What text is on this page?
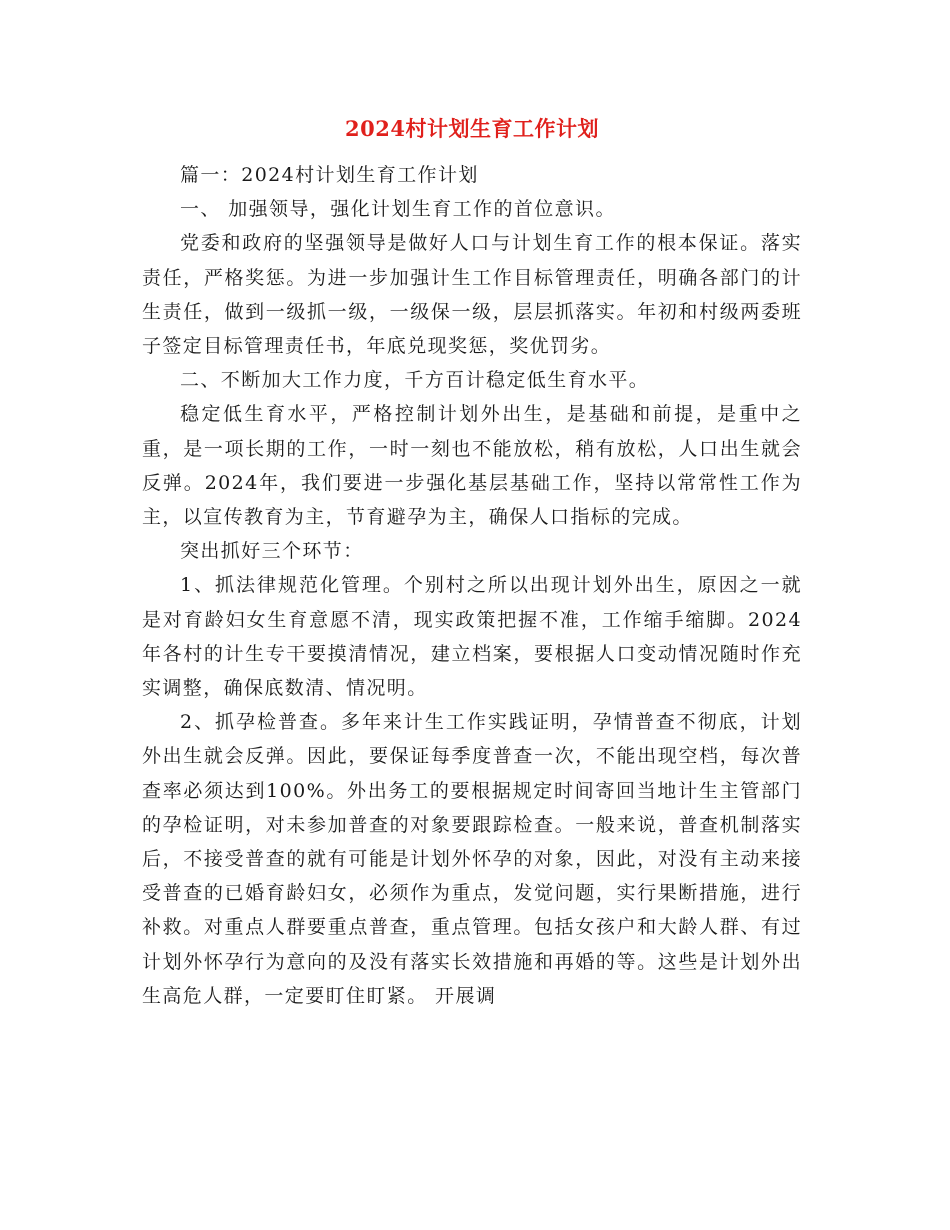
2024村计划生育工作计划

篇一：2024村计划生育工作计划

一、 加强领导，强化计划生育工作的首位意识。

党委和政府的坚强领导是做好人口与计划生育工作的根本保证。落实责任，严格奖惩。为进一步加强计生工作目标管理责任，明确各部门的计生责任，做到一级抓一级，一级保一级，层层抓落实。年初和村级两委班子签定目标管理责任书，年底兑现奖惩，奖优罚劣。

二、不断加大工作力度，千方百计稳定低生育水平。

稳定低生育水平，严格控制计划外出生，是基础和前提，是重中之重，是一项长期的工作，一时一刻也不能放松，稍有放松，人口出生就会反弹。2024年，我们要进一步强化基层基础工作，坚持以常常性工作为主，以宣传教育为主，节育避孕为主，确保人口指标的完成。

突出抓好三个环节：

1、抓法律规范化管理。个别村之所以出现计划外出生，原因之一就是对育龄妇女生育意愿不清，现实政策把握不准，工作缩手缩脚。2024年各村的计生专干要摸清情况，建立档案，要根据人口变动情况随时作充实调整，确保底数清、情况明。

2、抓孕检普查。多年来计生工作实践证明，孕情普查不彻底，计划外出生就会反弹。因此，要保证每季度普查一次，不能出现空档，每次普查率必须达到100%。外出务工的要根据规定时间寄回当地计生主管部门的孕检证明，对未参加普查的对象要跟踪检查。一般来说，普查机制落实后，不接受普查的就有可能是计划外怀孕的对象，因此，对没有主动来接受普查的已婚育龄妇女，必须作为重点，发觉问题，实行果断措施，进行补救。对重点人群要重点普查，重点管理。包括女孩户和大龄人群、有过计划外怀孕行为意向的及没有落实长效措施和再婚的等。这些是计划外出生高危人群，一定要盯住盯紧。 开展调
